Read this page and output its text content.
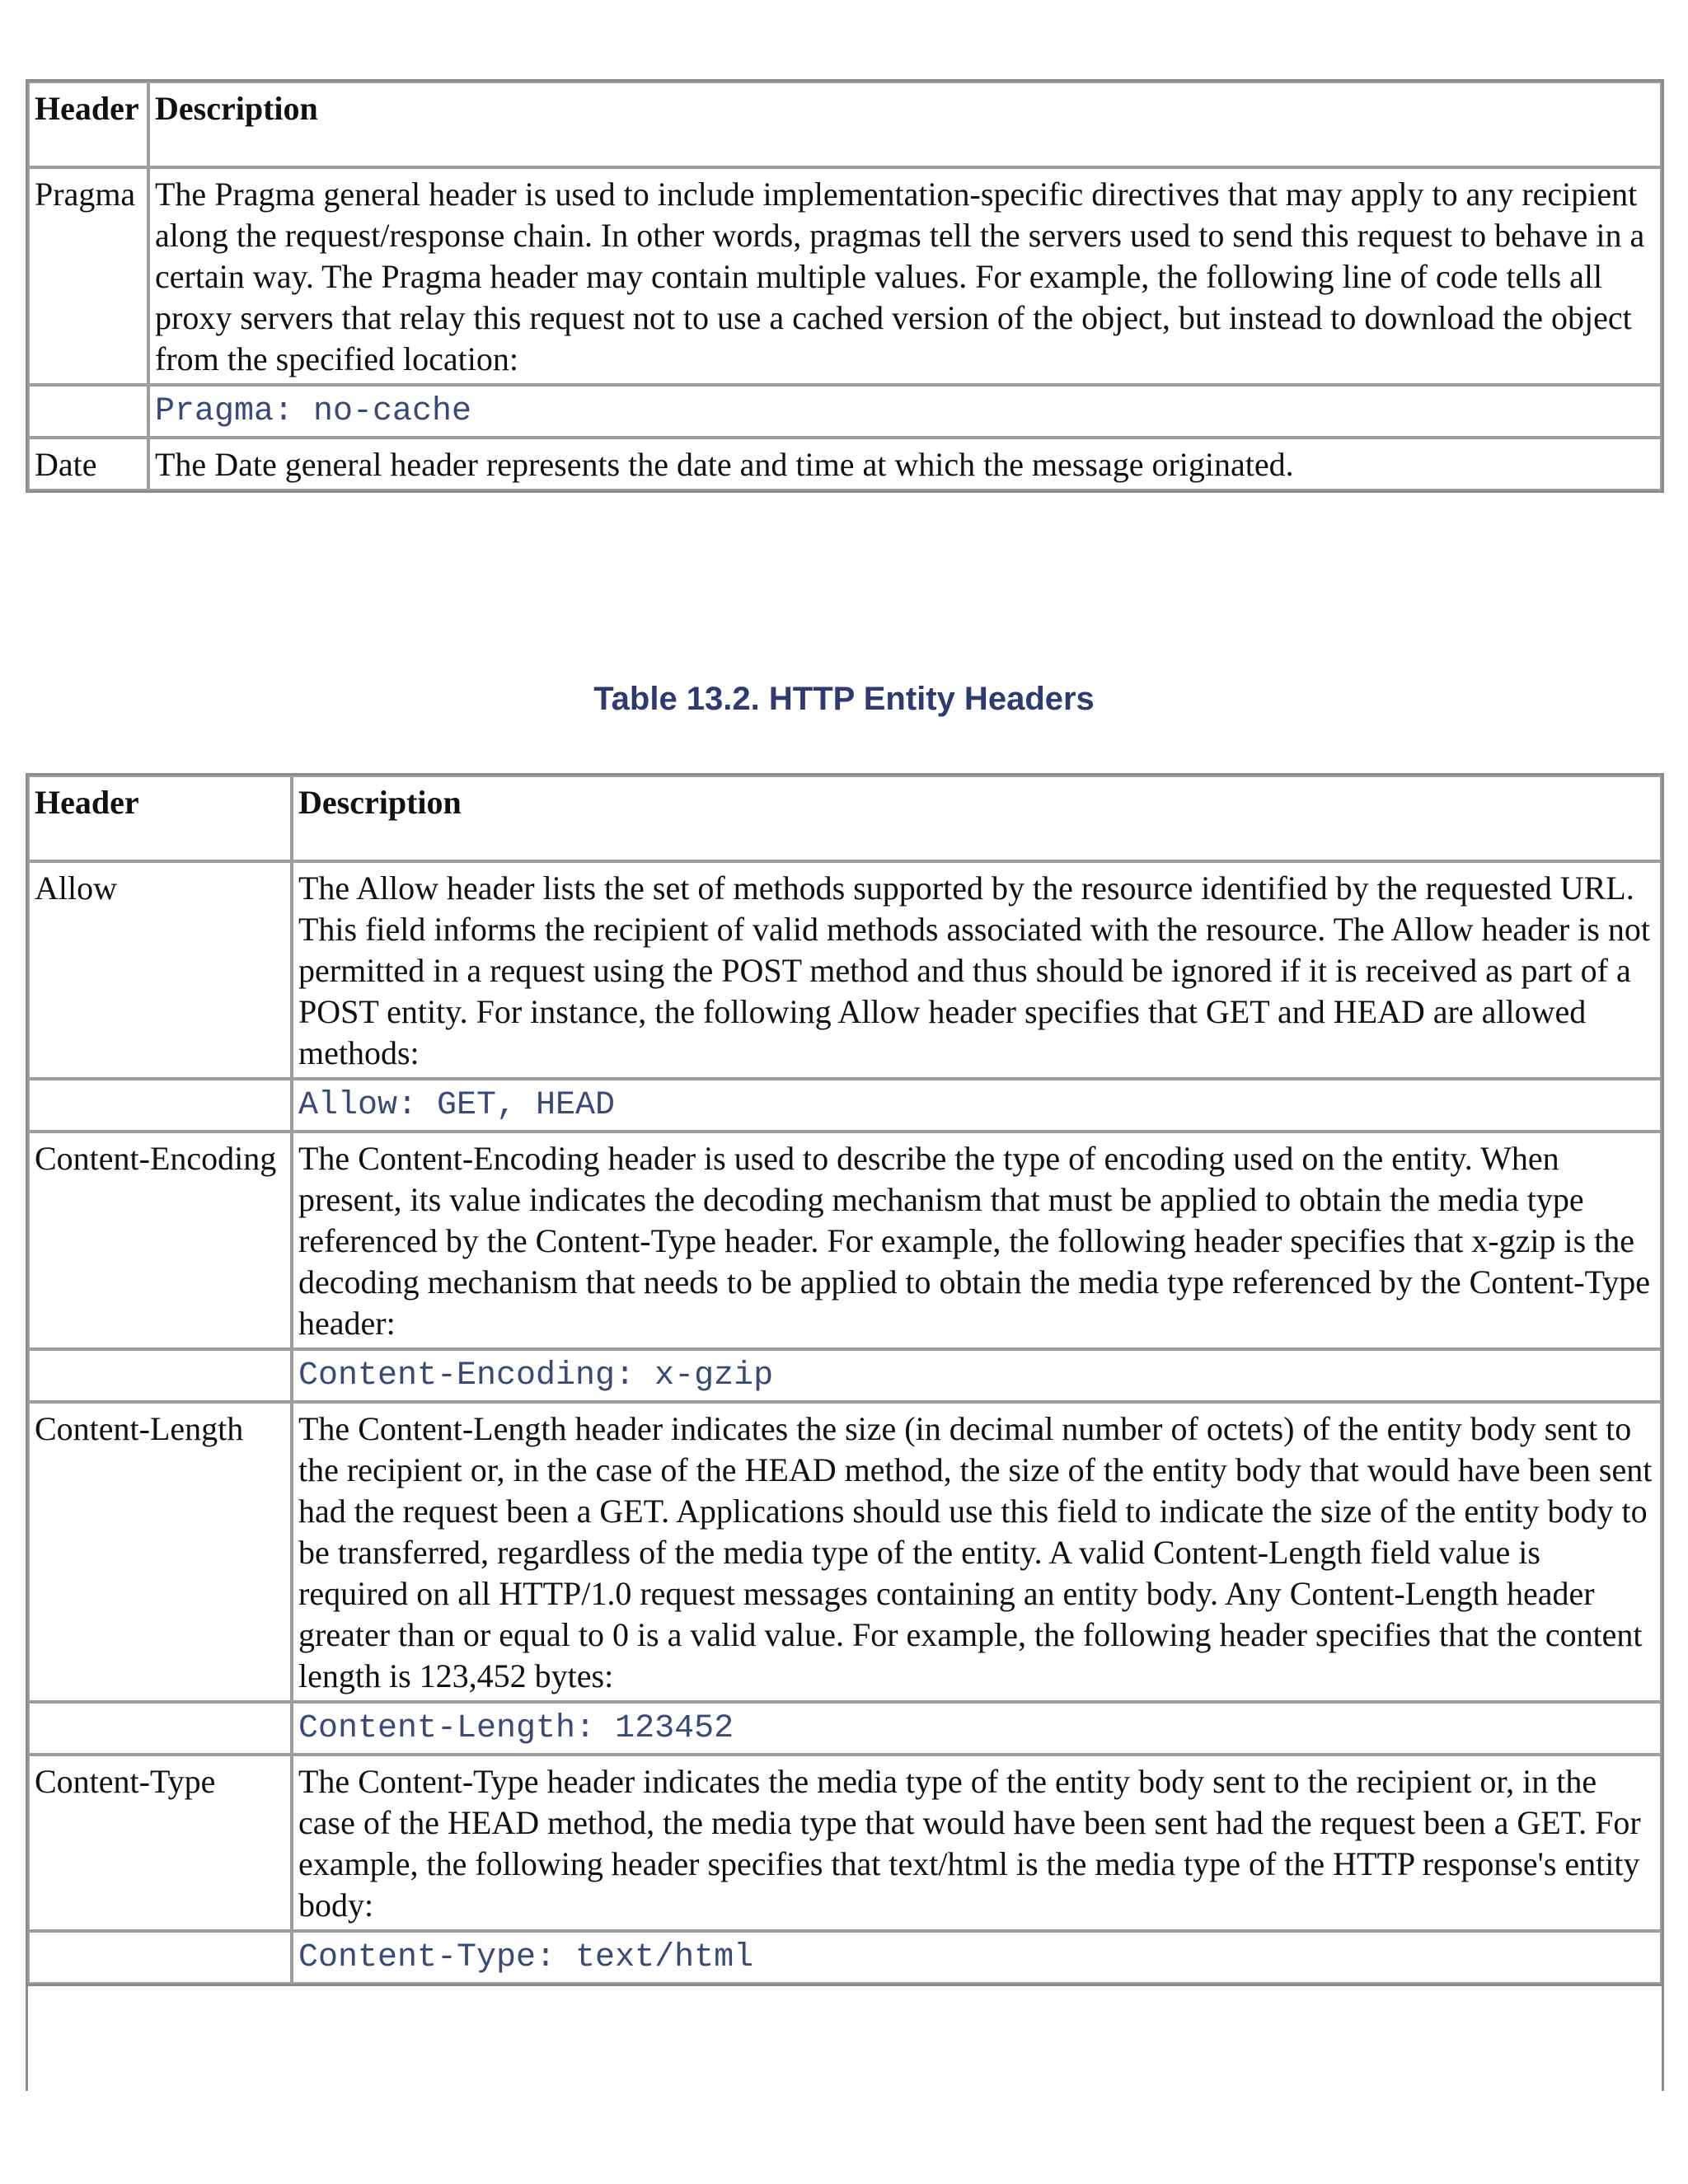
Header	Description
Pragma	The Pragma general header is used to include implementation-specific directives that may apply to any recipient along the request/response chain. In other words, pragmas tell the servers used to send this request to behave in a certain way. The Pragma header may contain multiple values. For example, the following line of code tells all proxy servers that relay this request not to use a cached version of the object, but instead to download the object from the specified location:
	Pragma: no-cache
Date	The Date general header represents the date and time at which the message originated.
Table 13.2. HTTP Entity Headers
Header	Description
Allow	The Allow header lists the set of methods supported by the resource identified by the requested URL. This field informs the recipient of valid methods associated with the resource. The Allow header is not permitted in a request using the POST method and thus should be ignored if it is received as part of a POST entity. For instance, the following Allow header specifies that GET and HEAD are allowed methods:
	Allow: GET, HEAD
Content-Encoding	The Content-Encoding header is used to describe the type of encoding used on the entity. When present, its value indicates the decoding mechanism that must be applied to obtain the media type referenced by the Content-Type header. For example, the following header specifies that x-gzip is the decoding mechanism that needs to be applied to obtain the media type referenced by the Content-Type header:
	Content-Encoding: x-gzip
Content-Length	The Content-Length header indicates the size (in decimal number of octets) of the entity body sent to the recipient or, in the case of the HEAD method, the size of the entity body that would have been sent had the request been a GET. Applications should use this field to indicate the size of the entity body to be transferred, regardless of the media type of the entity. A valid Content-Length field value is required on all HTTP/1.0 request messages containing an entity body. Any Content-Length header greater than or equal to 0 is a valid value. For example, the following header specifies that the content length is 123,452 bytes:
	Content-Length: 123452
Content-Type	The Content-Type header indicates the media type of the entity body sent to the recipient or, in the case of the HEAD method, the media type that would have been sent had the request been a GET. For example, the following header specifies that text/html is the media type of the HTTP response's entity body:
	Content-Type: text/html
